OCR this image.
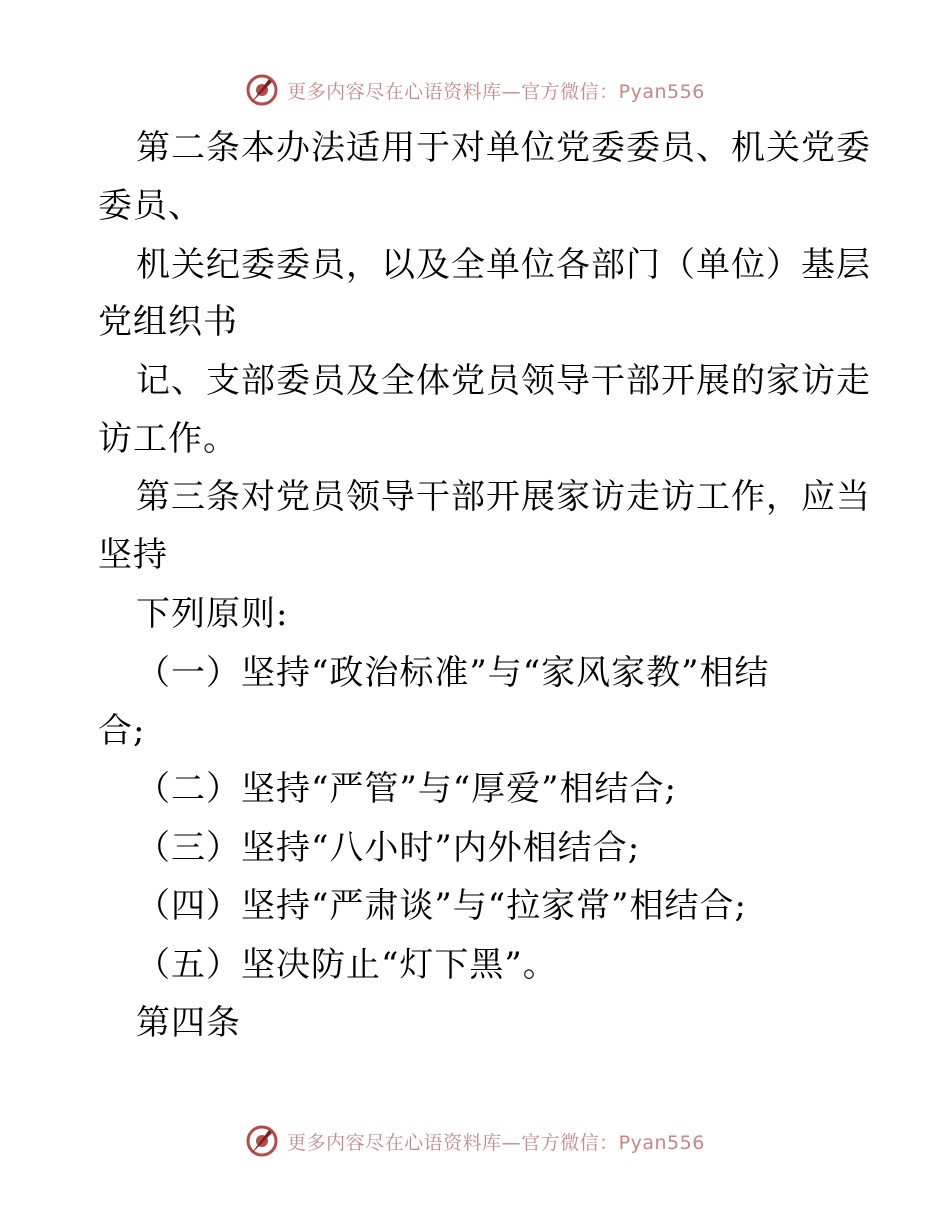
更多内容尽在心语资料库—官方微信：Pyan556
第二条本办法适用于对单位党委委员、机关党委
委员、
机关纪委委员，以及全单位各部门（单位）基层
党组织书
记、支部委员及全体党员领导干部开展的家访走
访工作。
第三条对党员领导干部开展家访走访工作，应当
坚持
下列原则:
（一）坚持“政治标准”与“家风家教”相结
合;
（二）坚持“严管”与“厚爱”相结合;
（三）坚持“八小时”内外相结合;
（四）坚持“严肃谈”与“拉家常”相结合;
（五）坚决防止“灯下黑”。
第四条
更多内容尽在心语资料库—官方微信：Pyan556
